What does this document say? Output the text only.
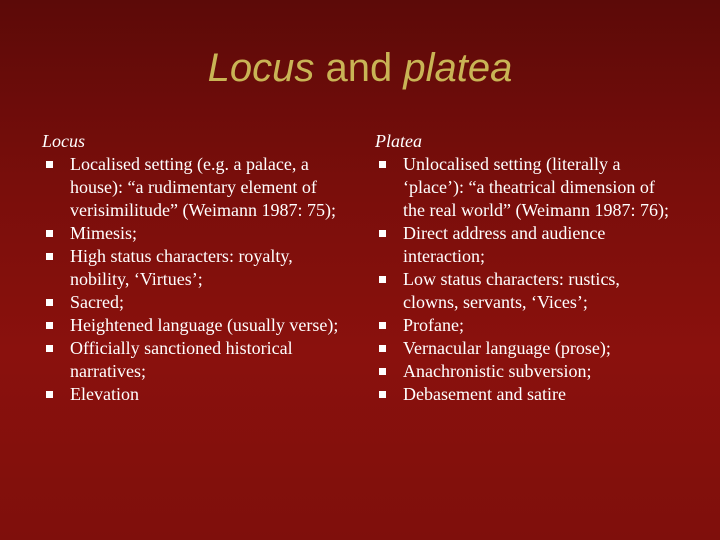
Locus and platea
Locus
Localised setting (e.g. a palace, a house): “a rudimentary element of verisimilitude” (Weimann 1987: 75);
Mimesis;
High status characters: royalty, nobility, ‘Virtues’;
Sacred;
Heightened language (usually verse);
Officially sanctioned historical narratives;
Elevation
Platea
Unlocalised setting (literally a ‘place’): “a theatrical dimension of the real world” (Weimann 1987: 76);
Direct address and audience interaction;
Low status characters: rustics, clowns, servants, ‘Vices’;
Profane;
Vernacular language (prose);
Anachronistic subversion;
Debasement and satire
